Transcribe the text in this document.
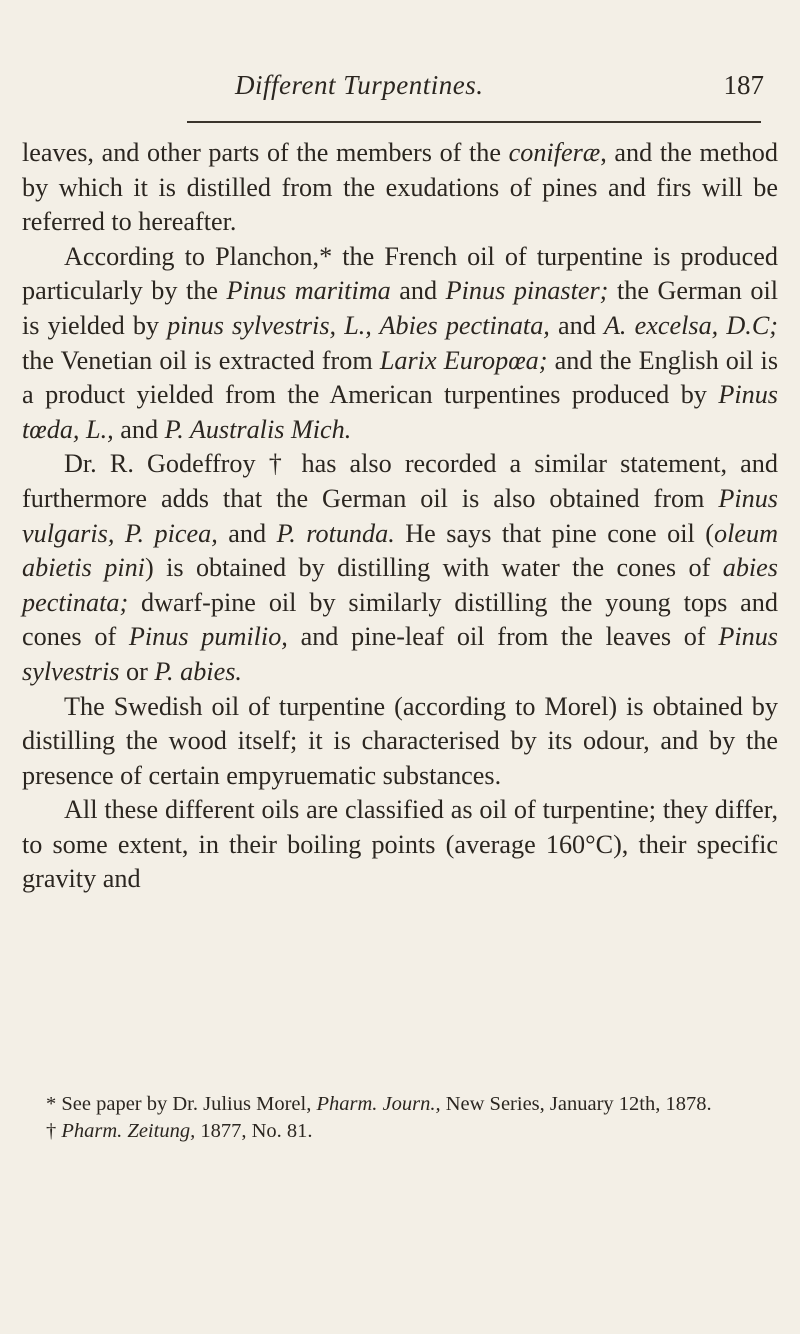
Different Turpentines.	187

leaves, and other parts of the members of the coniferæ, and the method by which it is distilled from the exudations of pines and firs will be referred to hereafter.

According to Planchon,* the French oil of turpentine is produced particularly by the Pinus maritima and Pinus pinaster; the German oil is yielded by pinus sylvestris, L., Abies pectinata, and A. excelsa, D.C; the Venetian oil is extracted from Larix Europœa; and the English oil is a product yielded from the American turpentines produced by Pinus tœda, L., and P. Australis Mich.

Dr. R. Godeffroy † has also recorded a similar statement, and furthermore adds that the German oil is also obtained from Pinus vulgaris, P. picea, and P. rotunda. He says that pine cone oil (oleum abietis pini) is obtained by distilling with water the cones of abies pectinata; dwarf-pine oil by similarly distilling the young tops and cones of Pinus pumilio, and pine-leaf oil from the leaves of Pinus sylvestris or P. abies.

The Swedish oil of turpentine (according to Morel) is obtained by distilling the wood itself; it is characterised by its odour, and by the presence of certain empyruematic substances.

All these different oils are classified as oil of turpentine; they differ, to some extent, in their boiling points (average 160°C), their specific gravity and

* See paper by Dr. Julius Morel, Pharm. Journ., New Series, January 12th, 1878.

† Pharm. Zeitung, 1877, No. 81.
